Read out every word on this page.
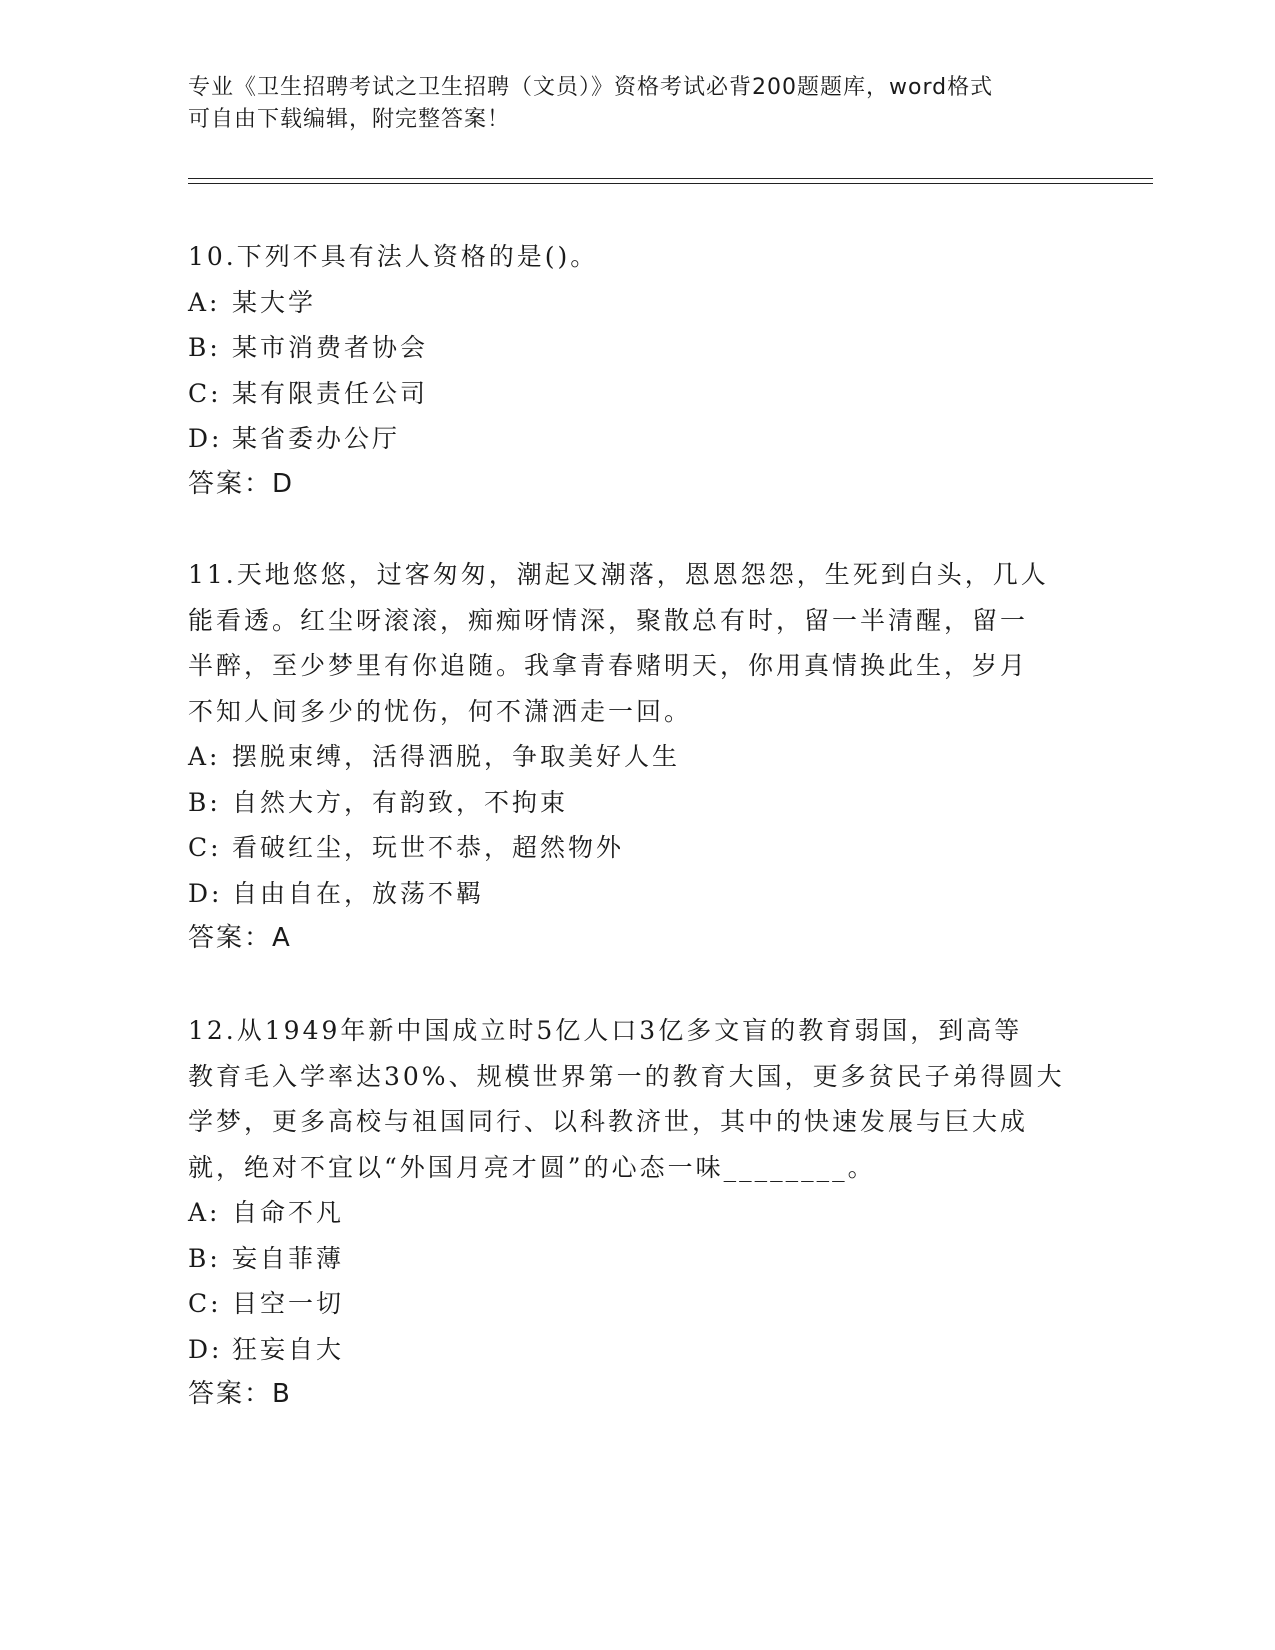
专业《卫生招聘考试之卫生招聘（文员）》资格考试必背200题题库，word格式
可自由下载编辑，附完整答案！

10.下列不具有法人资格的是()。

A: 某大学

B: 某市消费者协会

C: 某有限责任公司

D: 某省委办公厅

答案：D

11.天地悠悠，过客匆匆，潮起又潮落，恩恩怨怨，生死到白头，几人

能看透。红尘呀滚滚，痴痴呀情深，聚散总有时，留一半清醒，留一

半醉，至少梦里有你追随。我拿青春赌明天，你用真情换此生，岁月

不知人间多少的忧伤，何不潇洒走一回。

A: 摆脱束缚，活得洒脱，争取美好人生

B: 自然大方，有韵致，不拘束

C: 看破红尘，玩世不恭，超然物外

D: 自由自在，放荡不羁

答案：A

12.从1949年新中国成立时5亿人口3亿多文盲的教育弱国，到高等

教育毛入学率达30%、规模世界第一的教育大国，更多贫民子弟得圆大

学梦，更多高校与祖国同行、以科教济世，其中的快速发展与巨大成

就，绝对不宜以“外国月亮才圆”的心态一味________。

A: 自命不凡

B: 妄自菲薄

C: 目空一切

D: 狂妄自大

答案：B
